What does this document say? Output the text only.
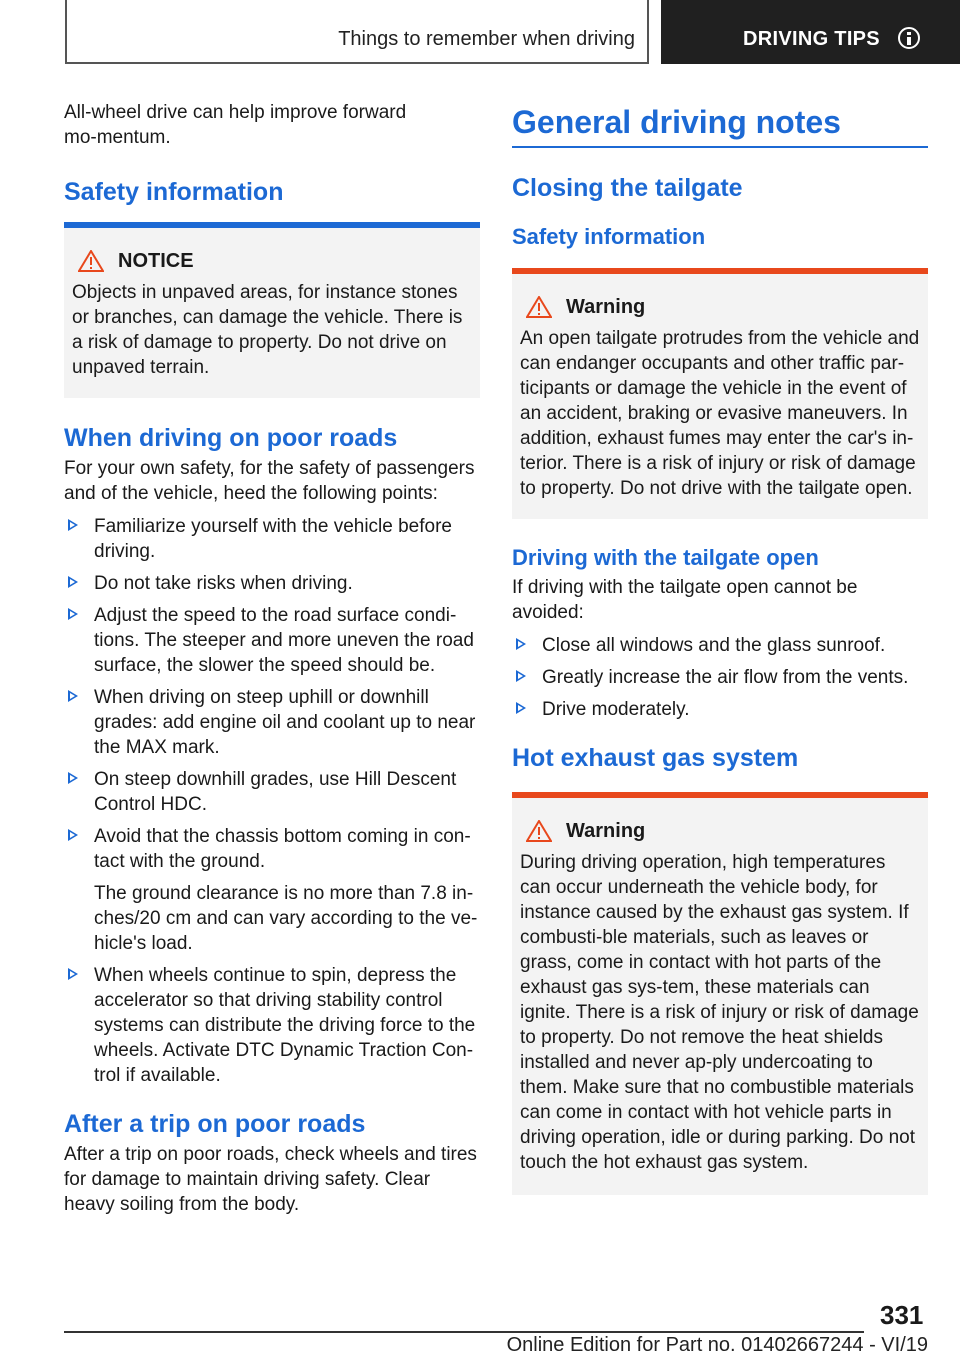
Things to remember when driving	DRIVING TIPS

All-wheel drive can help improve forward mo-mentum.

Safety information
NOTICE

Objects in unpaved areas, for instance stones or branches, can damage the vehicle. There is a risk of damage to property. Do not drive on unpaved terrain.

When driving on poor roads

For your own safety, for the safety of passengers and of the vehicle, heed the following points:

Familiarize yourself with the vehicle before driving.
Do not take risks when driving.
Adjust the speed to the road surface condi-tions. The steeper and more uneven the road surface, the slower the speed should be.
When driving on steep uphill or downhill grades: add engine oil and coolant up to near the MAX mark.
On steep downhill grades, use Hill Descent Control HDC.
Avoid that the chassis bottom coming in con-tact with the ground.
The ground clearance is no more than 7.8 in-ches/20 cm and can vary according to the ve-hicle's load.
When wheels continue to spin, depress the accelerator so that driving stability control systems can distribute the driving force to the wheels. Activate DTC Dynamic Traction Con-trol if available.
After a trip on poor roads

After a trip on poor roads, check wheels and tires for damage to maintain driving safety. Clear heavy soiling from the body.

General driving notes
Closing the tailgate
Safety information
Warning

An open tailgate protrudes from the vehicle and can endanger occupants and other traffic par-ticipants or damage the vehicle in the event of an accident, braking or evasive maneuvers. In addition, exhaust fumes may enter the car's in-terior. There is a risk of injury or risk of damage to property. Do not drive with the tailgate open.

Driving with the tailgate open

If driving with the tailgate open cannot be avoided:

Close all windows and the glass sunroof.
Greatly increase the air flow from the vents.
Drive moderately.
Hot exhaust gas system
Warning

During driving operation, high temperatures can occur underneath the vehicle body, for instance caused by the exhaust gas system. If combusti-ble materials, such as leaves or grass, come in contact with hot parts of the exhaust gas sys-tem, these materials can ignite. There is a risk of injury or risk of damage to property. Do not remove the heat shields installed and never ap-ply undercoating to them. Make sure that no combustible materials can come in contact with hot vehicle parts in driving operation, idle or during parking. Do not touch the hot exhaust gas system.

331
Online Edition for Part no. 01402667244 - VI/19
